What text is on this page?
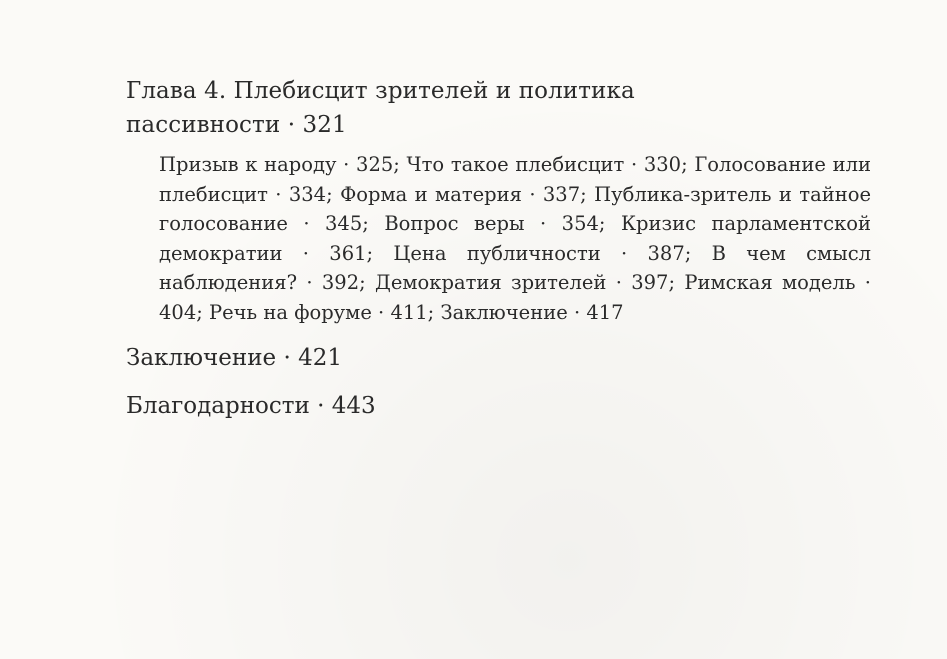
Глава 4. Плебисцит зрителей и политика
пассивности · 321

Призыв к народу · 325; Что такое плебисцит · 330; Голосование или плебисцит · 334; Форма и материя · 337; Публика-зритель и тайное голосование · 345; Вопрос веры · 354; Кризис парламентской демократии · 361; Цена публичности · 387; В чем смысл наблюдения? · 392; Демократия зрителей · 397; Римская модель · 404; Речь на форуме · 411; Заключение · 417

Заключение · 421

Благодарности · 443
